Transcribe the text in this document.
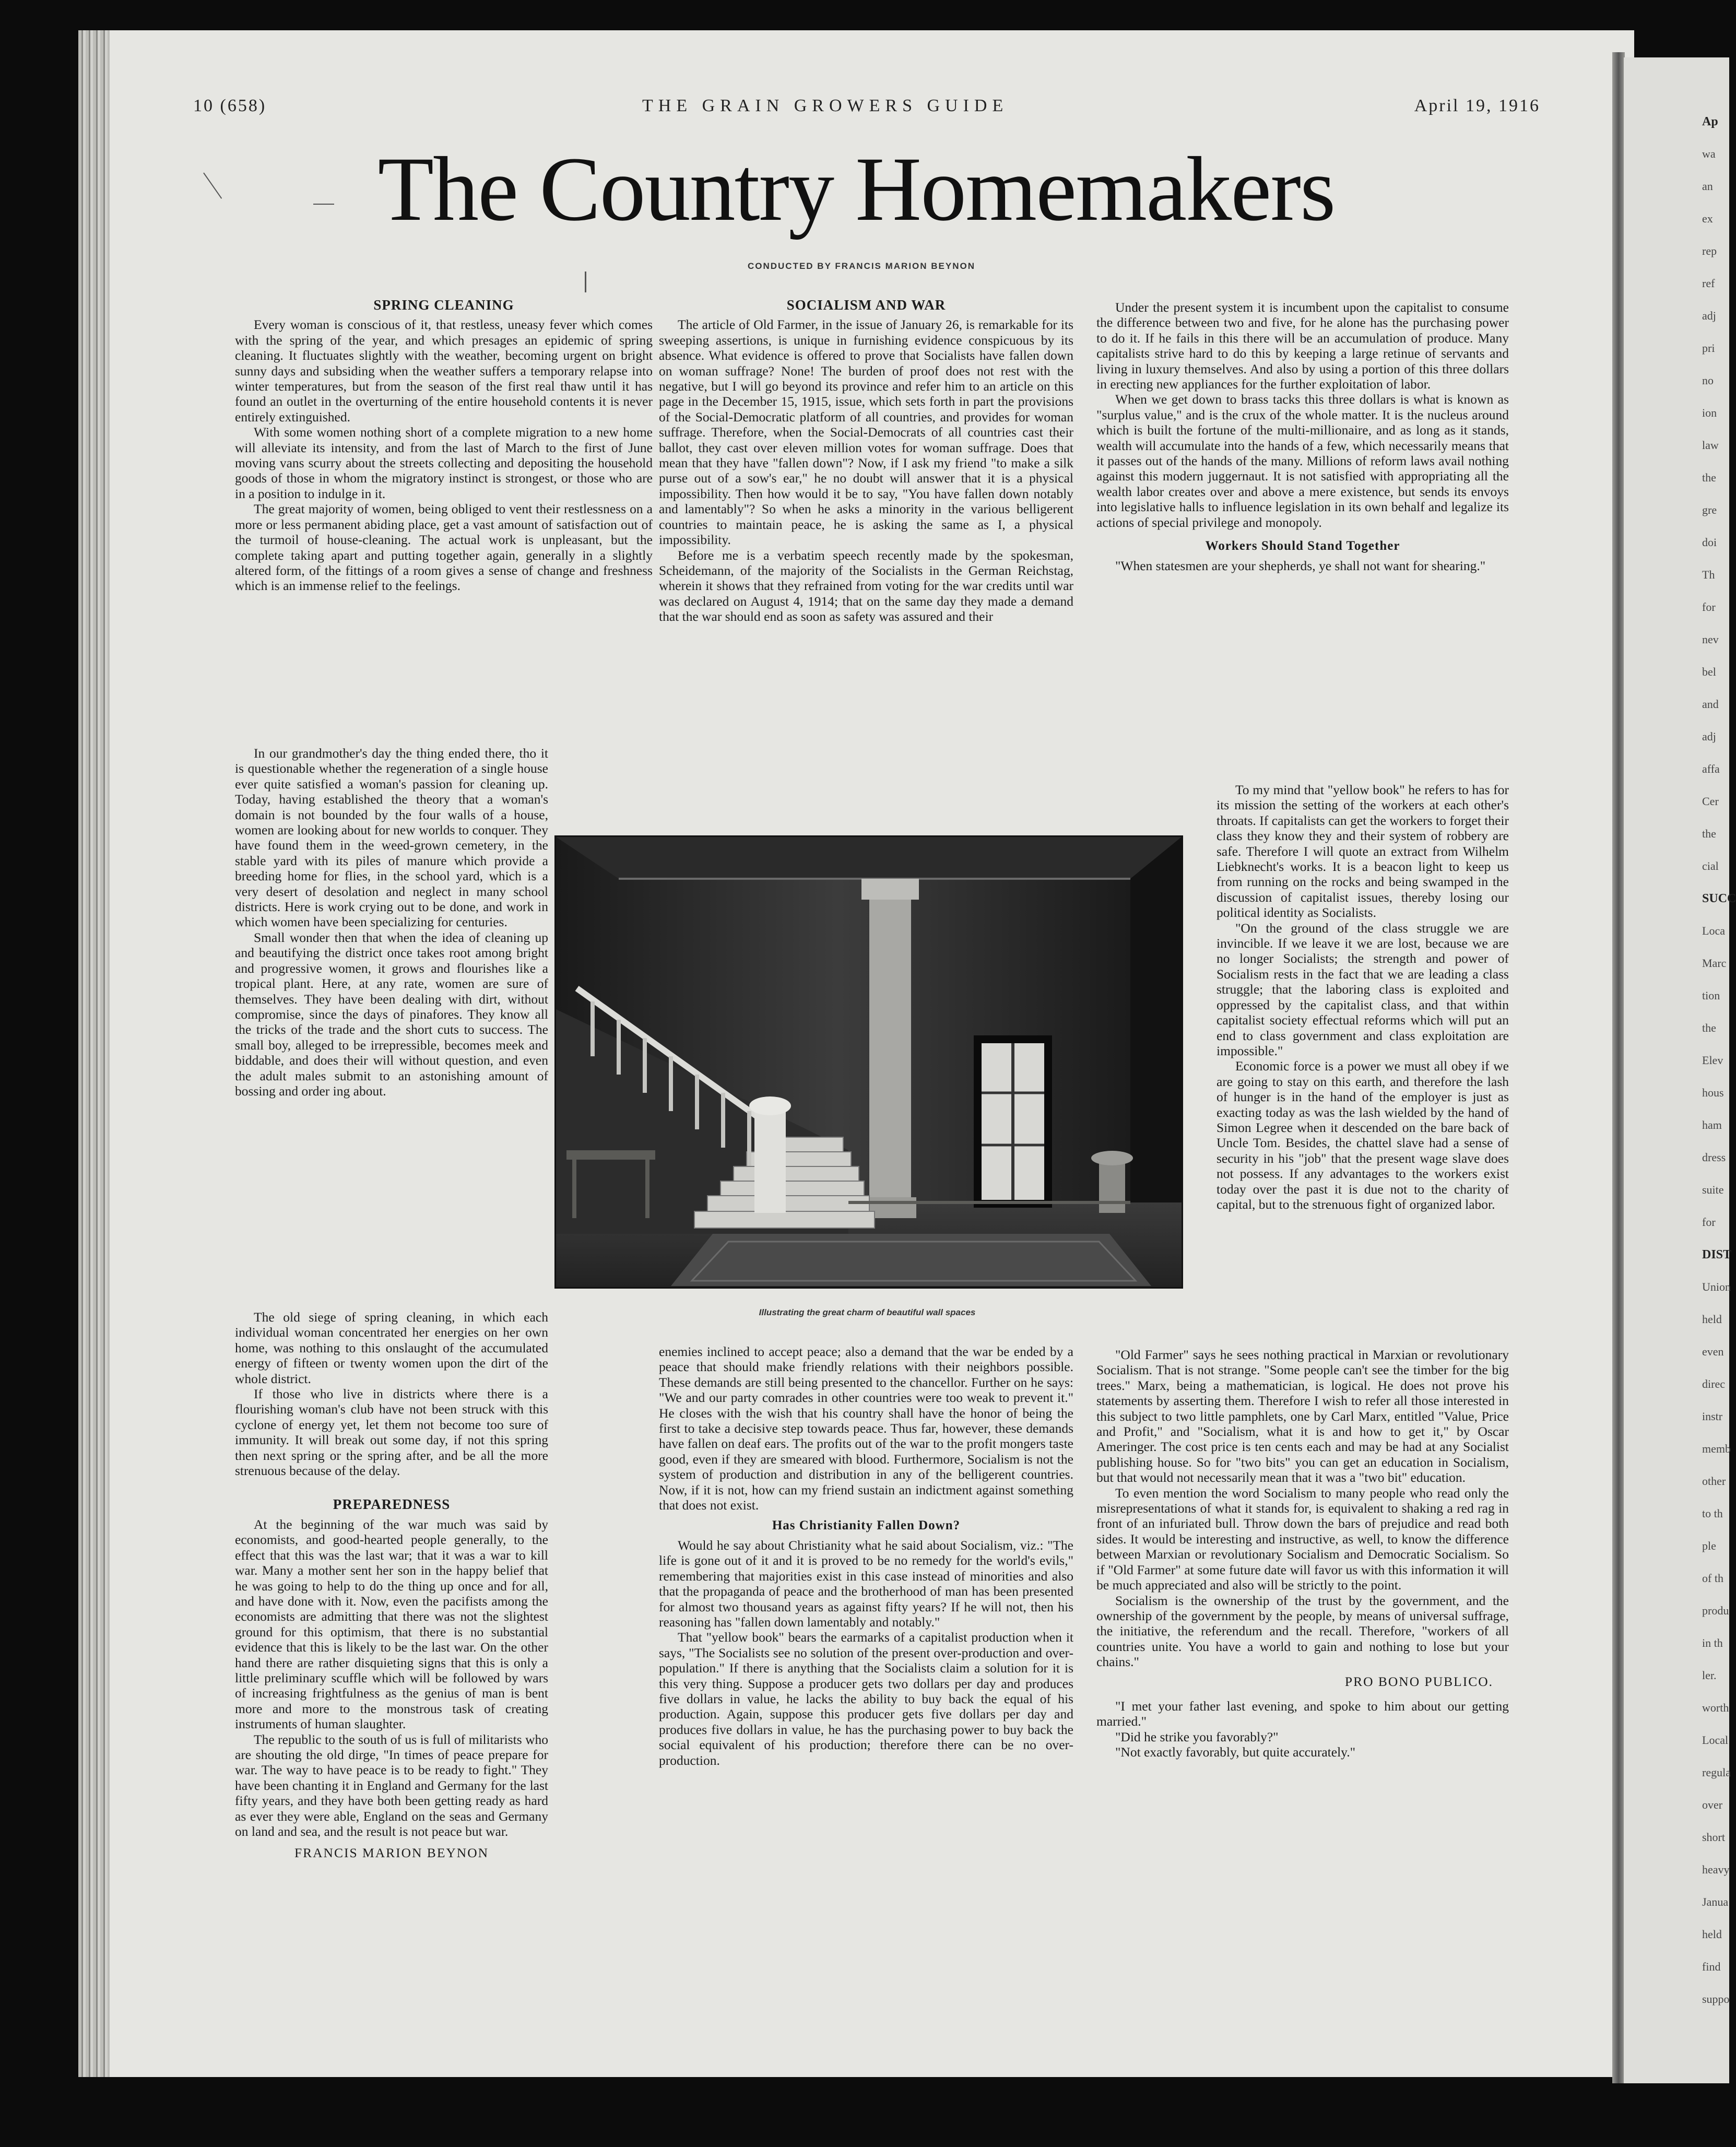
Ap
wa
an
ex
rep
ref
adj
pri
no
ion
law
the
gre
doi
Th
for
nev
bel
and
adj
affa
Cer
the
cial
SUCC
Loca
Marc
tion
the
Elev
hous
ham
dress
suite
for
DIST
Union
held
even
direc
instr
memb
other
to th
ple
of th
produ
in th
ler.
worth
Local
regula
over
short
heavy
Janua
held
find
suppo
10 (658)	THE GRAIN GROWERS GUIDE	April 19, 1916
The Country Homemakers
CONDUCTED BY FRANCIS MARION BEYNON
SPRING CLEANING

Every woman is conscious of it, that restless, uneasy fever which comes with the spring of the year, and which presages an epidemic of spring cleaning. It fluctuates slightly with the weather, becoming urgent on bright sunny days and subsiding when the weather suffers a temporary relapse into winter temperatures, but from the season of the first real thaw until it has found an outlet in the overturning of the entire household contents it is never entirely extinguished.

With some women nothing short of a complete migration to a new home will alleviate its intensity, and from the last of March to the first of June moving vans scurry about the streets collecting and depositing the household goods of those in whom the migratory instinct is strongest, or those who are in a position to indulge in it.

The great majority of women, being obliged to vent their restlessness on a more or less permanent abiding place, get a vast amount of satisfaction out of the turmoil of house-cleaning. The actual work is unpleasant, but the complete taking apart and putting together again, generally in a slightly altered form, of the fittings of a room gives a sense of change and freshness which is an immense relief to the feelings.

In our grandmother's day the thing ended there, tho it is questionable whether the regeneration of a single house ever quite satisfied a woman's passion for cleaning up. Today, having established the theory that a woman's domain is not bounded by the four walls of a house, women are looking about for new worlds to conquer. They have found them in the weed-grown cemetery, in the stable yard with its piles of manure which provide a breeding home for flies, in the school yard, which is a very desert of desolation and neglect in many school districts. Here is work crying out to be done, and work in which women have been specializing for centuries.

Small wonder then that when the idea of cleaning up and beautifying the district once takes root among bright and progressive women, it grows and flourishes like a tropical plant. Here, at any rate, women are sure of themselves. They have been dealing with dirt, without compromise, since the days of pinafores. They know all the tricks of the trade and the short cuts to success. The small boy, alleged to be irrepressible, becomes meek and biddable, and does their will without question, and even the adult males submit to an astonishing amount of bossing and order ing about.

The old siege of spring cleaning, in which each individual woman concentrated her energies on her own home, was nothing to this onslaught of the accumulated energy of fifteen or twenty women upon the dirt of the whole district.

If those who live in districts where there is a flourishing woman's club have not been struck with this cyclone of energy yet, let them not become too sure of immunity. It will break out some day, if not this spring then next spring or the spring after, and be all the more strenuous because of the delay.

PREPAREDNESS

At the beginning of the war much was said by economists, and good-hearted people generally, to the effect that this was the last war; that it was a war to kill war. Many a mother sent her son in the happy belief that he was going to help to do the thing up once and for all, and have done with it. Now, even the pacifists among the economists are admitting that there was not the slightest ground for this optimism, that there is no substantial evidence that this is likely to be the last war. On the other hand there are rather disquieting signs that this is only a little preliminary scuffle which will be followed by wars of increasing frightfulness as the genius of man is bent more and more to the monstrous task of creating instruments of human slaughter.

The republic to the south of us is full of militarists who are shouting the old dirge, "In times of peace prepare for war. The way to have peace is to be ready to fight." They have been chanting it in England and Germany for the last fifty years, and they have both been getting ready as hard as ever they were able, England on the seas and Germany on land and sea, and the result is not peace but war.

FRANCIS MARION BEYNON
SOCIALISM AND WAR

The article of Old Farmer, in the issue of January 26, is remarkable for its sweeping assertions, is unique in furnishing evidence conspicuous by its absence. What evidence is offered to prove that Socialists have fallen down on woman suffrage? None! The burden of proof does not rest with the negative, but I will go beyond its province and refer him to an article on this page in the December 15, 1915, issue, which sets forth in part the provisions of the Social-Democratic platform of all countries, and provides for woman suffrage. Therefore, when the Social-Democrats of all countries cast their ballot, they cast over eleven million votes for woman suffrage. Does that mean that they have "fallen down"? Now, if I ask my friend "to make a silk purse out of a sow's ear," he no doubt will answer that it is a physical impossibility. Then how would it be to say, "You have fallen down notably and lamentably"? So when he asks a minority in the various belligerent countries to maintain peace, he is asking the same as I, a physical impossibility.

Before me is a verbatim speech recently made by the spokesman, Scheidemann, of the majority of the Socialists in the German Reichstag, wherein it shows that they refrained from voting for the war credits until war was declared on August 4, 1914; that on the same day they made a demand that the war should end as soon as safety was assured and their

enemies inclined to accept peace; also a demand that the war be ended by a peace that should make friendly relations with their neighbors possible. These demands are still being presented to the chancellor. Further on he says: "We and our party comrades in other countries were too weak to prevent it." He closes with the wish that his country shall have the honor of being the first to take a decisive step towards peace. Thus far, however, these demands have fallen on deaf ears. The profits out of the war to the profit mongers taste good, even if they are smeared with blood. Furthermore, Socialism is not the system of production and distribution in any of the belligerent countries. Now, if it is not, how can my friend sustain an indictment against something that does not exist.

Has Christianity Fallen Down?

Would he say about Christianity what he said about Socialism, viz.: "The life is gone out of it and it is proved to be no remedy for the world's evils," remembering that majorities exist in this case instead of minorities and also that the propaganda of peace and the brotherhood of man has been presented for almost two thousand years as against fifty years? If he will not, then his reasoning has "fallen down lamentably and notably."

That "yellow book" bears the earmarks of a capitalist production when it says, "The Socialists see no solution of the present over-production and over-population." If there is anything that the Socialists claim a solution for it is this very thing. Suppose a producer gets two dollars per day and produces five dollars in value, he lacks the ability to buy back the equal of his production. Again, suppose this producer gets five dollars per day and produces five dollars in value, he has the purchasing power to buy back the social equivalent of his production; therefore there can be no over-production.

Under the present system it is incumbent upon the capitalist to consume the difference between two and five, for he alone has the purchasing power to do it. If he fails in this there will be an accumulation of produce. Many capitalists strive hard to do this by keeping a large retinue of servants and living in luxury themselves. And also by using a portion of this three dollars in erecting new appliances for the further exploitation of labor.

When we get down to brass tacks this three dollars is what is known as "surplus value," and is the crux of the whole matter. It is the nucleus around which is built the fortune of the multi-millionaire, and as long as it stands, wealth will accumulate into the hands of a few, which necessarily means that it passes out of the hands of the many. Millions of reform laws avail nothing against this modern juggernaut. It is not satisfied with appropriating all the wealth labor creates over and above a mere existence, but sends its envoys into legislative halls to influence legislation in its own behalf and legalize its actions of special privilege and monopoly.

Workers Should Stand Together

"When statesmen are your shepherds, ye shall not want for shearing."

To my mind that "yellow book" he refers to has for its mission the setting of the workers at each other's throats. If capitalists can get the workers to forget their class they know they and their system of robbery are safe. Therefore I will quote an extract from Wilhelm Liebknecht's works. It is a beacon light to keep us from running on the rocks and being swamped in the discussion of capitalist issues, thereby losing our political identity as Socialists.

"On the ground of the class struggle we are invincible. If we leave it we are lost, because we are no longer Socialists; the strength and power of Socialism rests in the fact that we are leading a class struggle; that the laboring class is exploited and oppressed by the capitalist class, and that within capitalist society effectual reforms which will put an end to class government and class exploitation are impossible."

Economic force is a power we must all obey if we are going to stay on this earth, and therefore the lash of hunger is in the hand of the employer is just as exacting today as was the lash wielded by the hand of Simon Legree when it descended on the bare back of Uncle Tom. Besides, the chattel slave had a sense of security in his "job" that the present wage slave does not possess. If any advantages to the workers exist today over the past it is due not to the charity of capital, but to the strenuous fight of organized labor.

"Old Farmer" says he sees nothing practical in Marxian or revolutionary Socialism. That is not strange. "Some people can't see the timber for the big trees." Marx, being a mathematician, is logical. He does not prove his statements by asserting them. Therefore I wish to refer all those interested in this subject to two little pamphlets, one by Carl Marx, entitled "Value, Price and Profit," and "Socialism, what it is and how to get it," by Oscar Ameringer. The cost price is ten cents each and may be had at any Socialist publishing house. So for "two bits" you can get an education in Socialism, but that would not necessarily mean that it was a "two bit" education.

To even mention the word Socialism to many people who read only the misrepresentations of what it stands for, is equivalent to shaking a red rag in front of an infuriated bull. Throw down the bars of prejudice and read both sides. It would be interesting and instructive, as well, to know the difference between Marxian or revolutionary Socialism and Democratic Socialism. So if "Old Farmer" at some future date will favor us with this information it will be much appreciated and also will be strictly to the point.

Socialism is the ownership of the trust by the government, and the ownership of the government by the people, by means of universal suffrage, the initiative, the referendum and the recall. Therefore, "workers of all countries unite. You have a world to gain and nothing to lose but your chains."

PRO BONO PUBLICO.

"I met your father last evening, and spoke to him about our getting married."

"Did he strike you favorably?"

"Not exactly favorably, but quite accurately."

Illustrating the great charm of beautiful wall spaces
